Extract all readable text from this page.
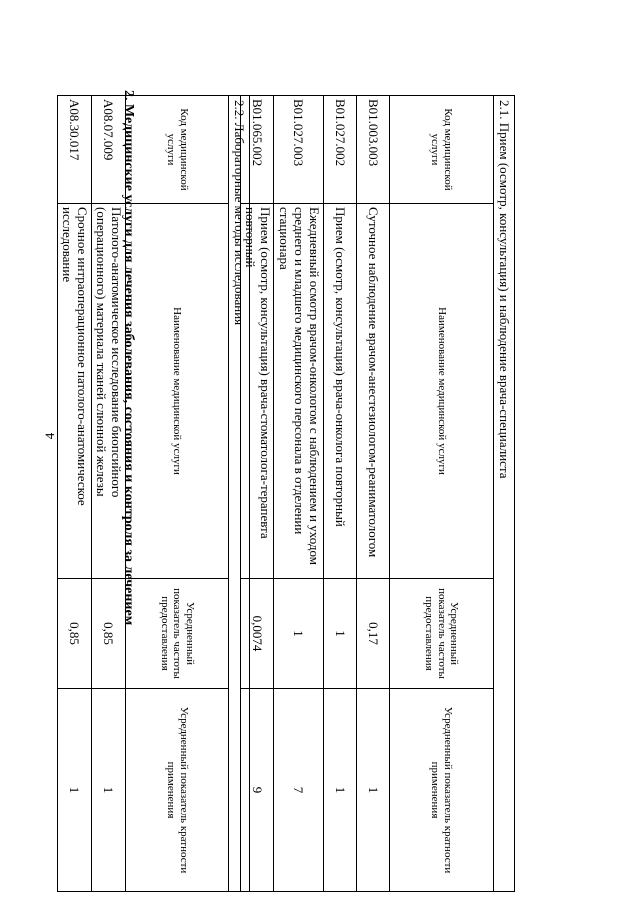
4	2. Медицинские услуги для лечения заболевания, состояния и контроля за лечением	2.1. Прием (осмотр, консультация) и наблюдение врача-специалиста			
Код медицинской услуги	Наименование медицинской услуги	Усредненный показатель частоты предоставления	Усредненный показатель кратности применения
B01.003.003	Суточное наблюдение врачом-анестезиологом-реаниматологом	0,17	1
B01.027.002	Прием (осмотр, консультация) врача-онколога повторный	1	1
B01.027.003	Ежедневный осмотр врачом-онкологом с наблюдением и уходом среднего и младшего медицинского персонала в отделении стационара	1	7
B01.065.002	Прием (осмотр, консультация) врача-стоматолога-терапевта повторный	0,0074	9
2.2. Лабораторные методы исследования			
Код медицинской услуги	Наименование медицинской услуги	Усредненный показатель частоты предоставления	Усредненный показатель кратности применения
A08.07.009	Патолого-анатомическое исследование биопсийного (операционного) материала тканей слюнной железы	0,85	1
A08.30.017	Срочное интраоперационное патолого-анатомическое исследование	0,85	1
